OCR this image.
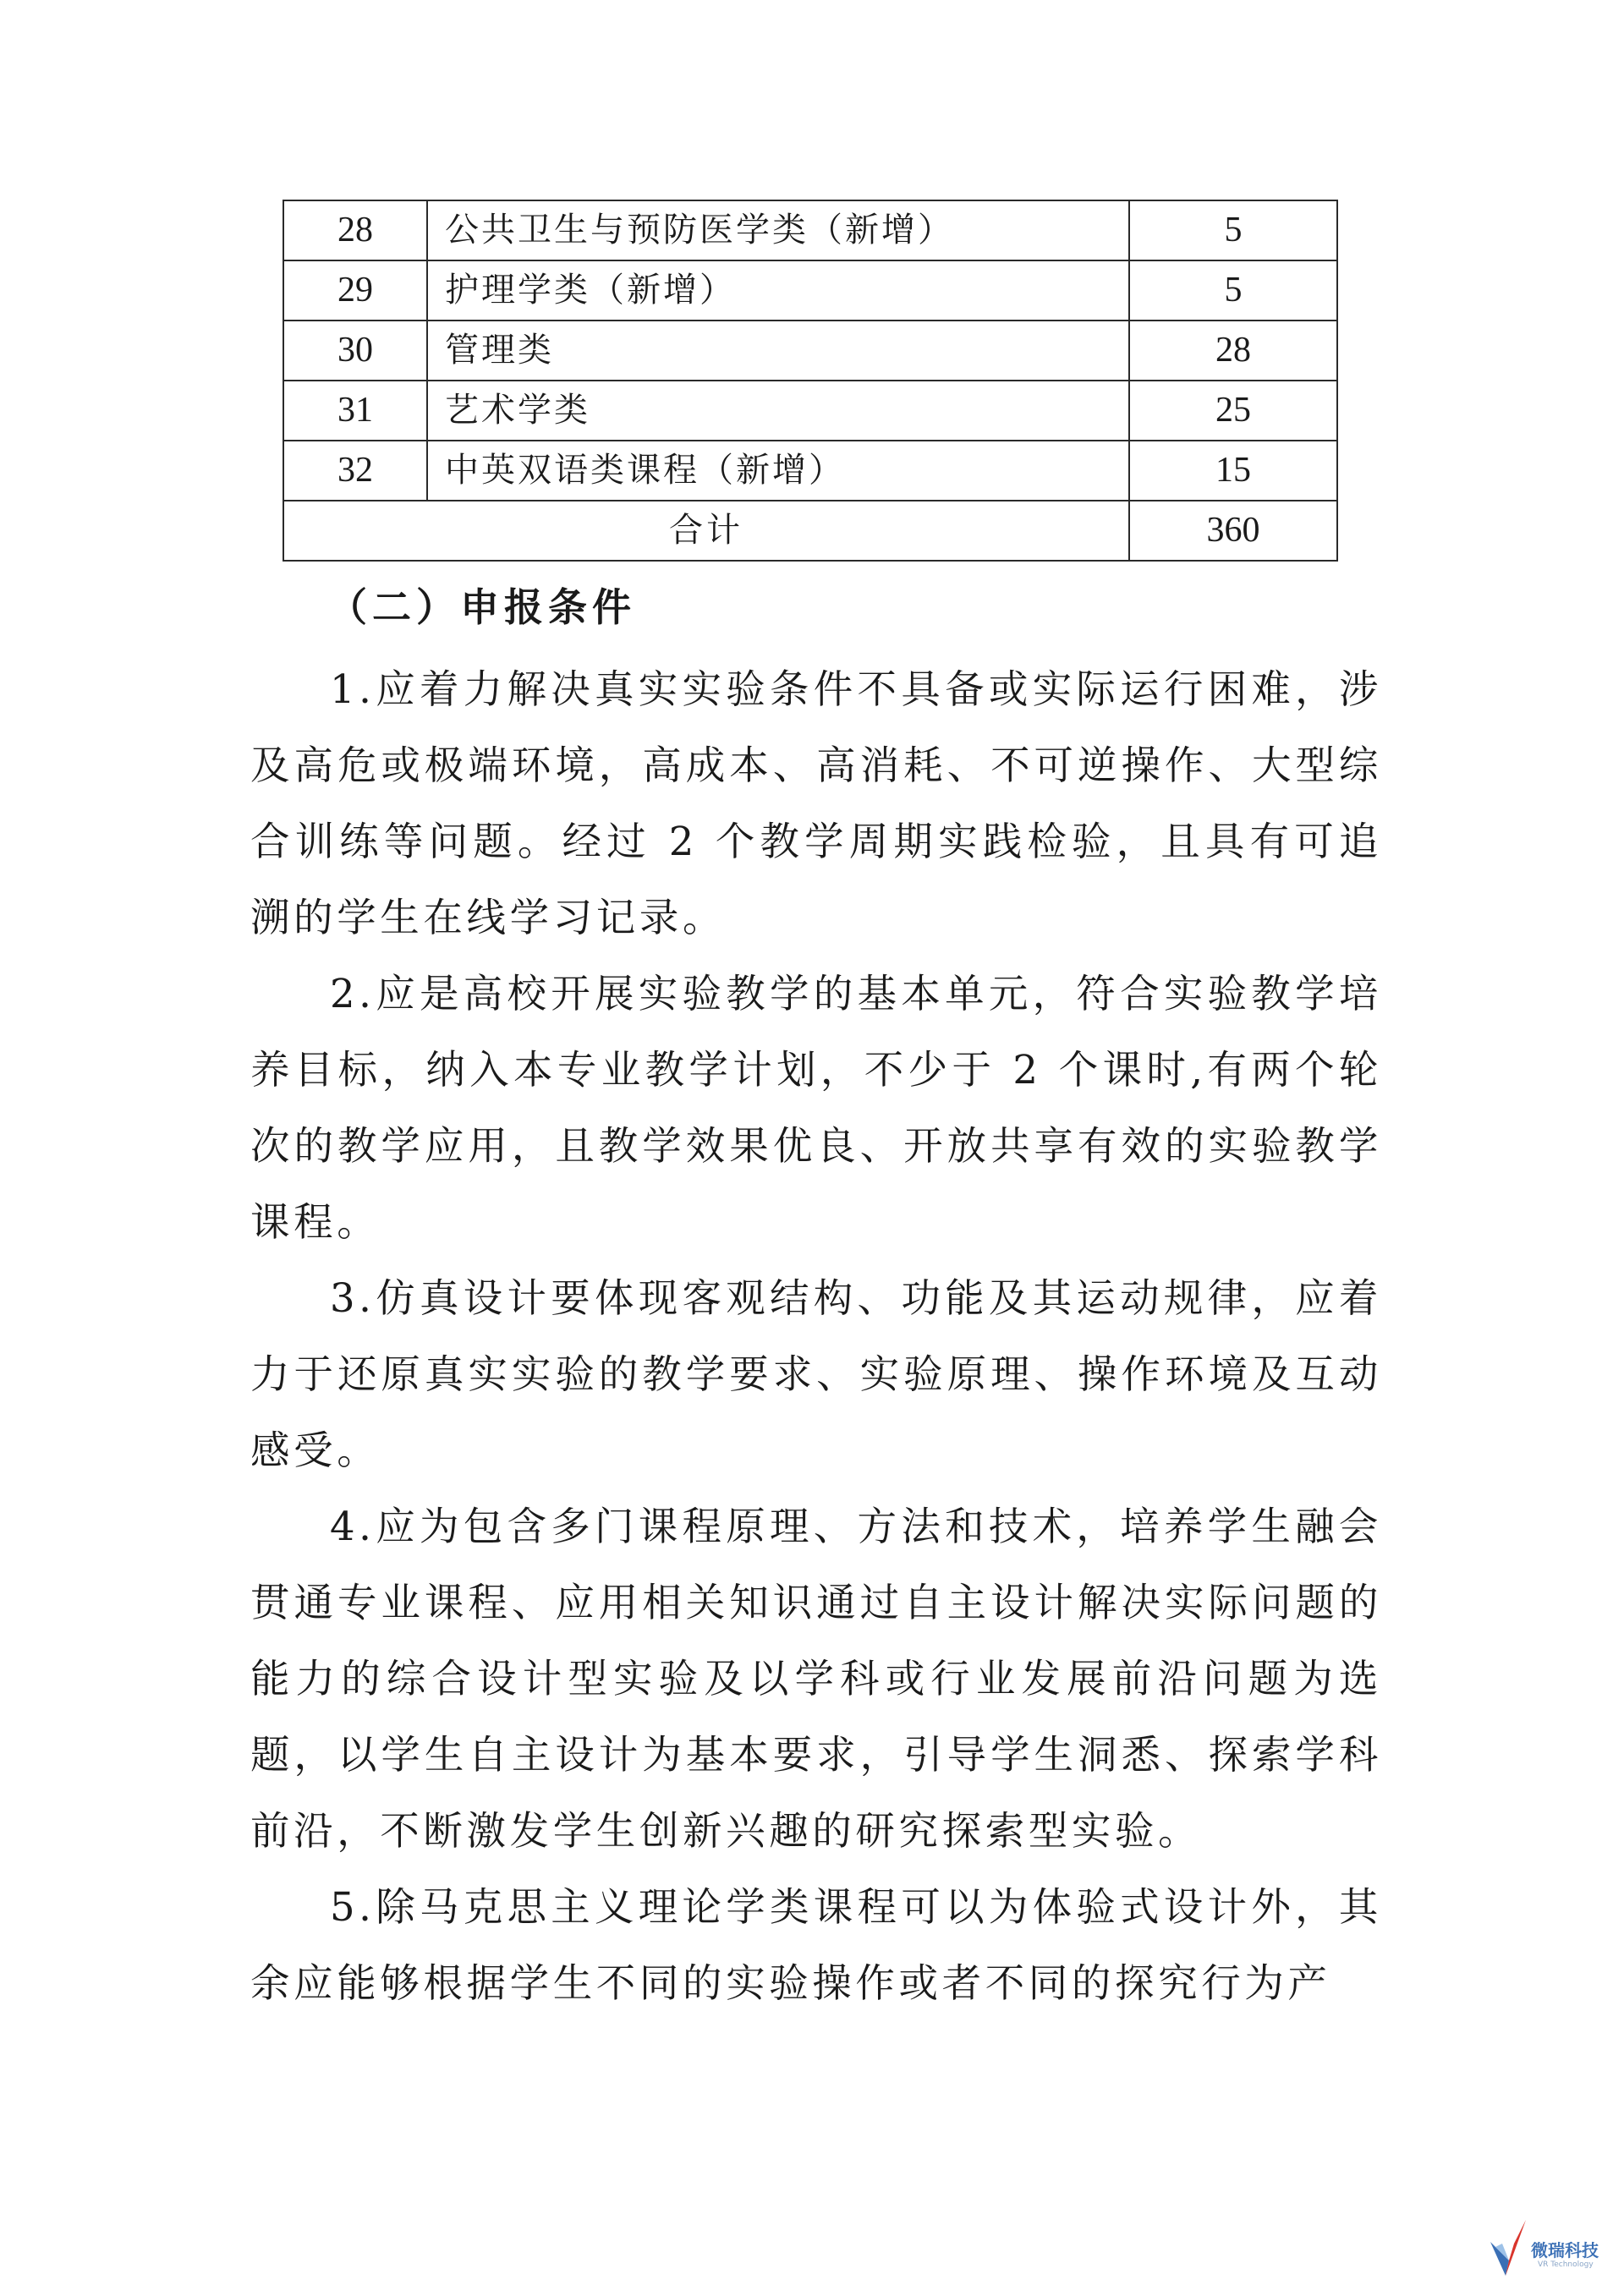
28	公共卫生与预防医学类（新增）	5
29	护理学类（新增）	5
30	管理类	28
31	艺术学类	25
32	中英双语类课程（新增）	15
合计		360
（二）申报条件

1.应着力解决真实实验条件不具备或实际运行困难，涉及高危或极端环境，高成本、高消耗、不可逆操作、大型综合训练等问题。经过 2 个教学周期实践检验，且具有可追溯的学生在线学习记录。

2.应是高校开展实验教学的基本单元，符合实验教学培养目标，纳入本专业教学计划，不少于 2 个课时,有两个轮次的教学应用，且教学效果优良、开放共享有效的实验教学课程。

3.仿真设计要体现客观结构、功能及其运动规律，应着力于还原真实实验的教学要求、实验原理、操作环境及互动感受。

4.应为包含多门课程原理、方法和技术，培养学生融会贯通专业课程、应用相关知识通过自主设计解决实际问题的能力的综合设计型实验及以学科或行业发展前沿问题为选题，以学生自主设计为基本要求，引导学生洞悉、探索学科前沿，不断激发学生创新兴趣的研究探索型实验。

5.除马克思主义理论学类课程可以为体验式设计外，其余应能够根据学生不同的实验操作或者不同的探究行为产

微瑞科技
VR Technology
